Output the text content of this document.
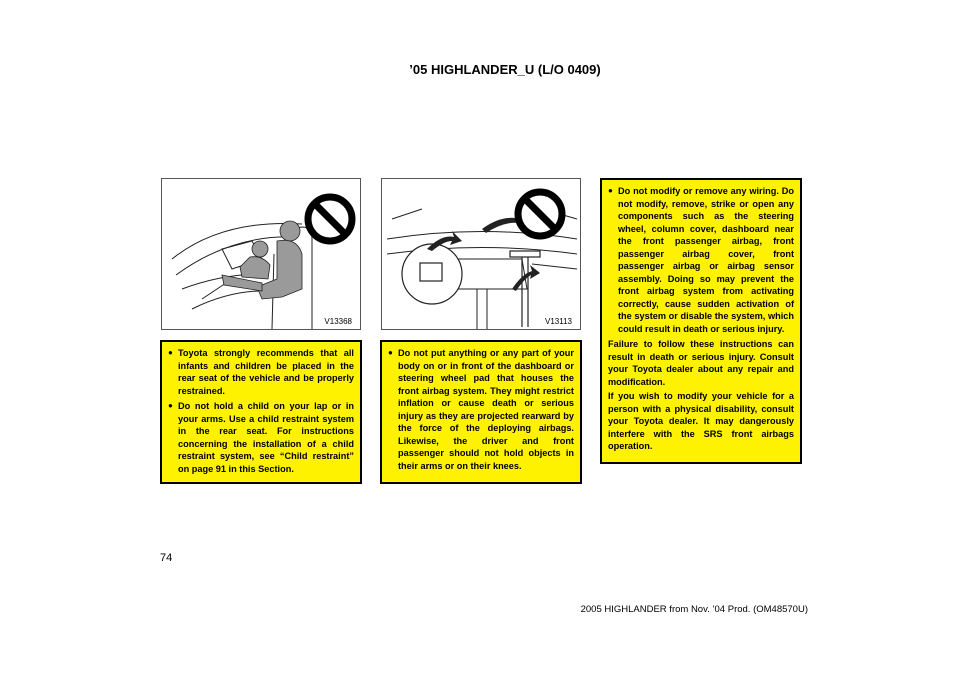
’05 HIGHLANDER_U (L/O 0409)
V13368	V13113
● Toyota strongly recommends that all infants and children be placed in the rear seat of the vehicle and be properly restrained.
● Do not hold a child on your lap or in your arms. Use a child restraint system in the rear seat. For instructions concerning the installation of a child restraint system, see “Child restraint” on page 91 in this Section.
● Do not put anything or any part of your body on or in front of the dashboard or steering wheel pad that houses the front airbag system. They might restrict inflation or cause death or serious injury as they are projected rearward by the force of the deploying airbags. Likewise, the driver and front passenger should not hold objects in their arms or on their knees.
● Do not modify or remove any wiring. Do not modify, remove, strike or open any components such as the steering wheel, column cover, dashboard near the front passenger airbag, front passenger airbag cover, front passenger airbag or airbag sensor assembly. Doing so may prevent the front airbag system from activating correctly, cause sudden activation of the system or disable the system, which could result in death or serious injury.
Failure to follow these instructions can result in death or serious injury. Consult your Toyota dealer about any repair and modification.
If you wish to modify your vehicle for a person with a physical disability, consult your Toyota dealer. It may dangerously interfere with the SRS front airbags operation.
74
2005 HIGHLANDER from Nov. ’04 Prod. (OM48570U)
